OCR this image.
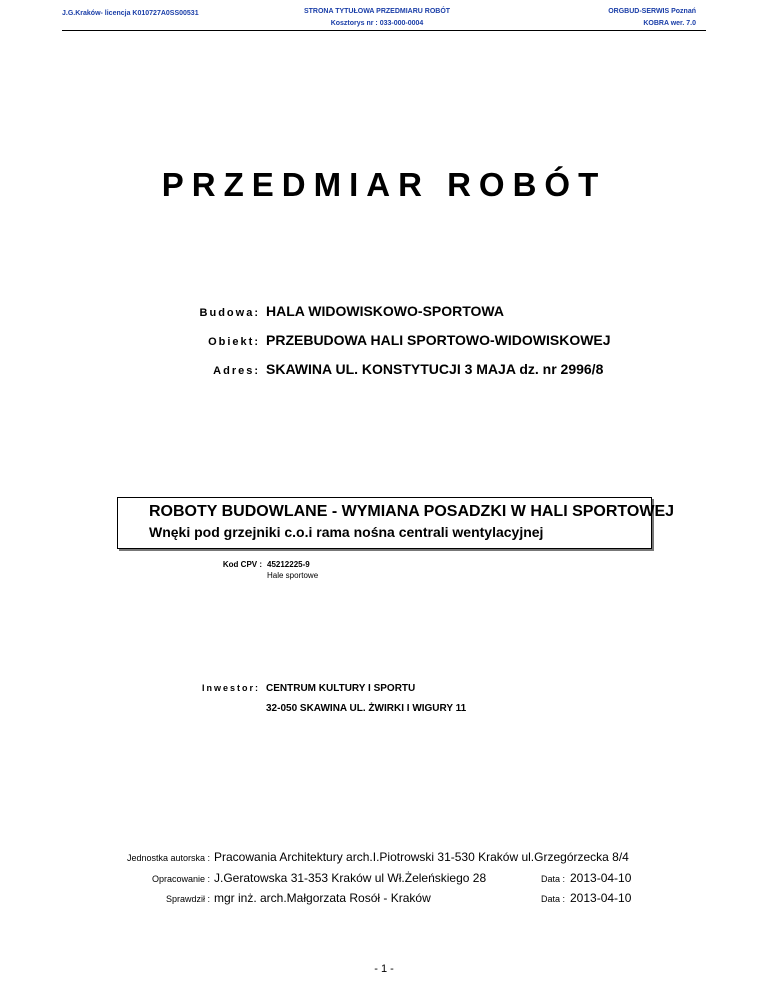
J.G.Kraków- licencja K010727A0SS00531	STRONA TYTUŁOWA PRZEDMIARU ROBÓT
Kosztorys nr : 033-000-0004
ORGBUD-SERWIS Poznań
KOBRA wer. 7.0
PRZEDMIAR ROBÓT
Budowa: HALA WIDOWISKOWO-SPORTOWA
Obiekt: PRZEBUDOWA HALI SPORTOWO-WIDOWISKOWEJ
Adres: SKAWINA UL. KONSTYTUCJI 3 MAJA dz. nr 2996/8
ROBOTY BUDOWLANE - WYMIANA POSADZKI W HALI SPORTOWEJ
Wnęki pod grzejniki c.o.i rama nośna centrali wentylacyjnej
Kod CPV : 45212225-9
Hale sportowe
Inwestor: CENTRUM KULTURY I SPORTU
32-050 SKAWINA UL. ŻWIRKI I WIGURY 11
Jednostka autorska : Pracowania Architektury arch.I.Piotrowski 31-530 Kraków ul.Grzegórzecka 8/4
Opracowanie : J.Geratowska 31-353 Kraków ul Wł.Żeleńskiego 28	Data : 2013-04-10
Sprawdził : mgr inż. arch.Małgorzata Rosół - Kraków	Data : 2013-04-10
- 1 -
